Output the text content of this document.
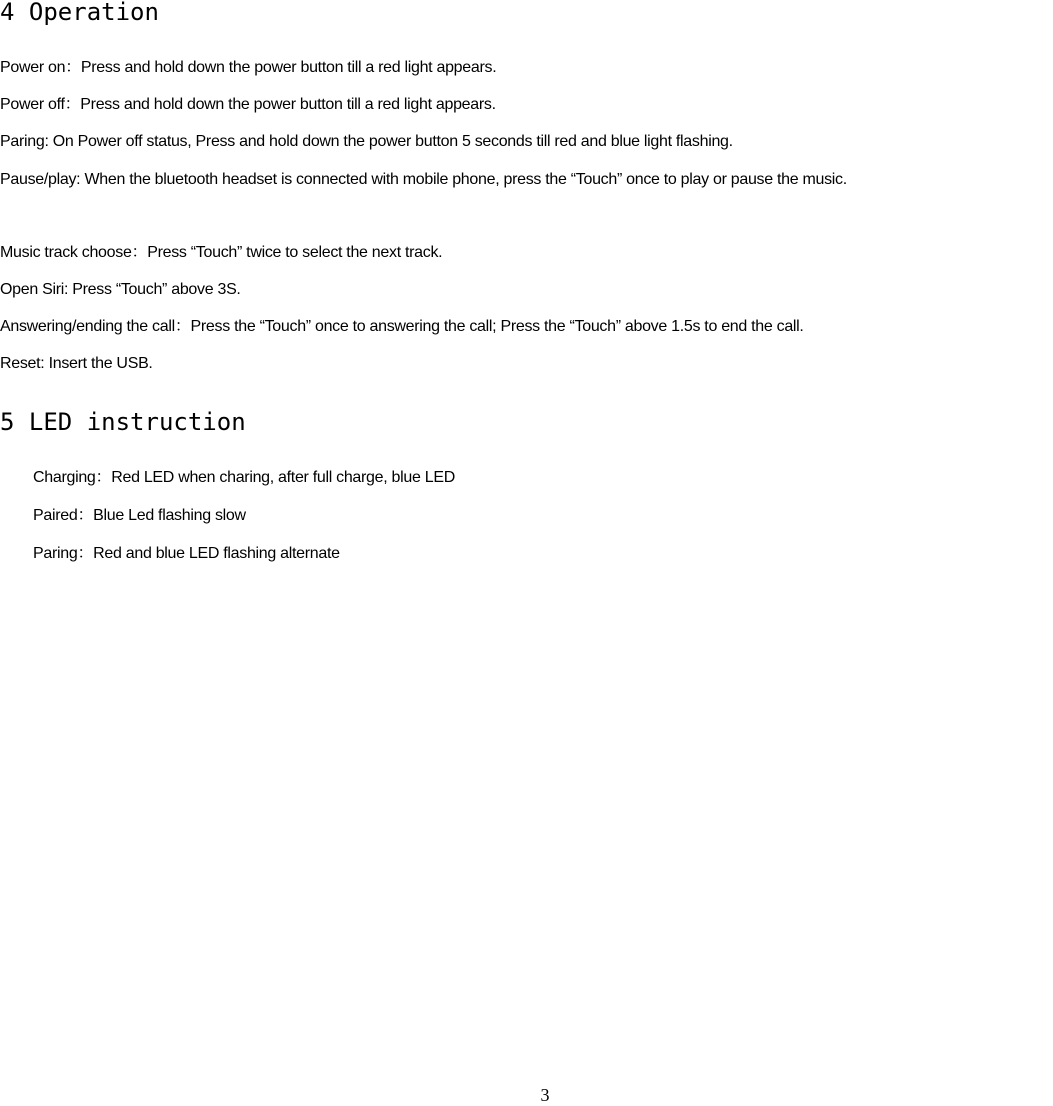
4 Operation
Power on：Press and hold down the power button till a red light appears.
Power off：Press and hold down the power button till a red light appears.
Paring: On Power off status, Press and hold down the power button 5 seconds till red and blue light flashing.
Pause/play: When the bluetooth headset is connected with mobile phone, press the “Touch” once to play or pause the music.
Music track choose：Press “Touch” twice to select the next track.
Open Siri: Press “Touch” above 3S.
Answering/ending the call：Press the “Touch” once to answering the call; Press the “Touch” above 1.5s to end the call.
Reset: Insert the USB.
5 LED instruction
Charging：Red LED when charing, after full charge, blue LED
Paired：Blue Led flashing slow
Paring：Red and blue LED flashing alternate
3
